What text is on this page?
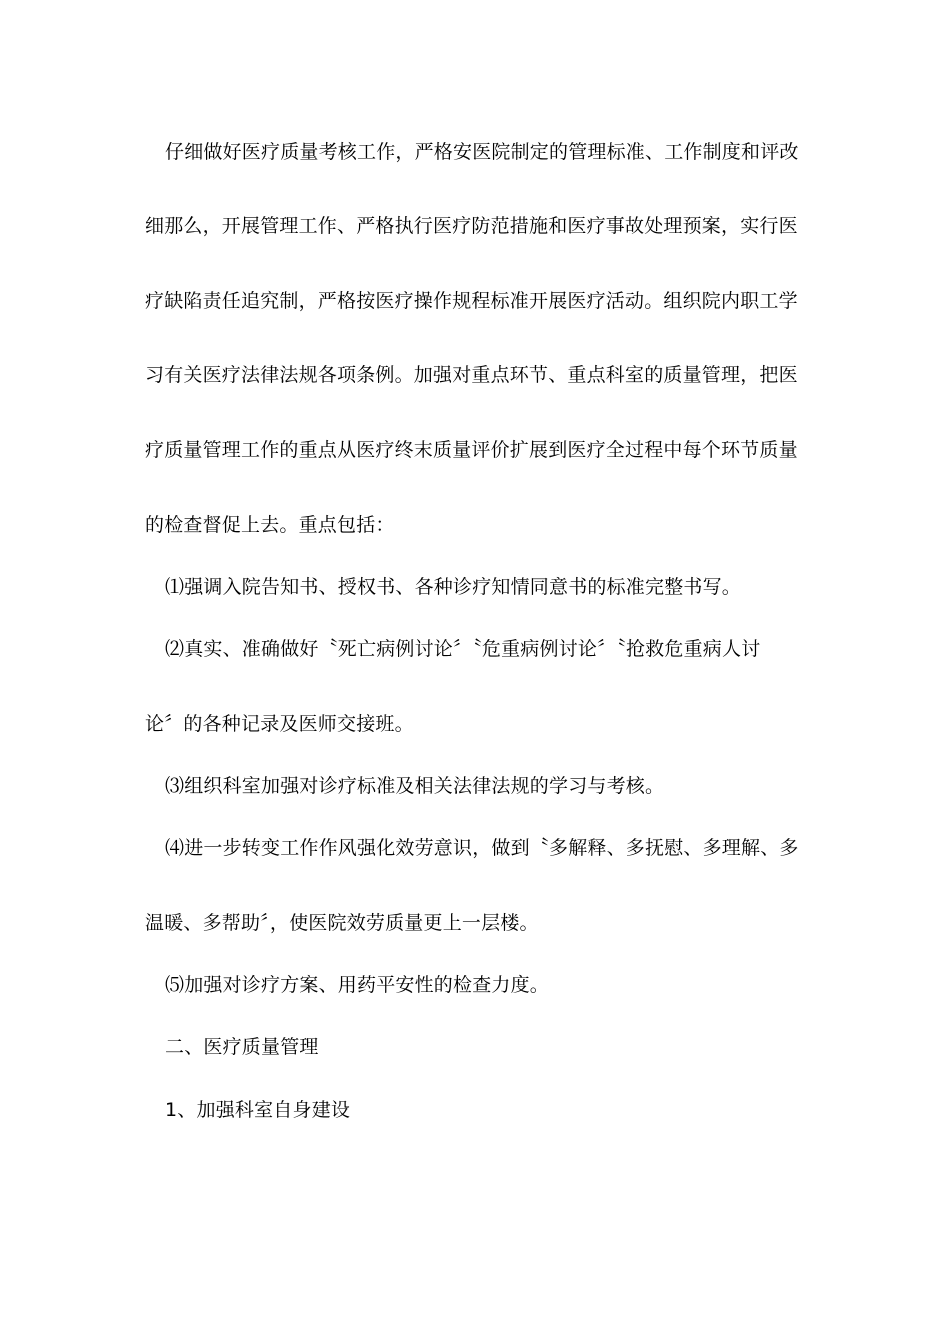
仔细做好医疗质量考核工作，严格安医院制定的管理标准、工作制度和评改
细那么，开展管理工作、严格执行医疗防范措施和医疗事故处理预案，实行医
疗缺陷责任追究制，严格按医疗操作规程标准开展医疗活动。组织院内职工学
习有关医疗法律法规各项条例。加强对重点环节、重点科室的质量管理，把医
疗质量管理工作的重点从医疗终末质量评价扩展到医疗全过程中每个环节质量
的检查督促上去。重点包括：
⑴强调入院告知书、授权书、各种诊疗知情同意书的标准完整书写。
⑵真实、准确做好〝死亡病例讨论〞〝危重病例讨论〞〝抢救危重病人讨
论〞的各种记录及医师交接班。
⑶组织科室加强对诊疗标准及相关法律法规的学习与考核。
⑷进一步转变工作作风强化效劳意识，做到〝多解释、多抚慰、多理解、多
温暖、多帮助〞，使医院效劳质量更上一层楼。
⑸加强对诊疗方案、用药平安性的检查力度。
二、医疗质量管理
1、加强科室自身建设
